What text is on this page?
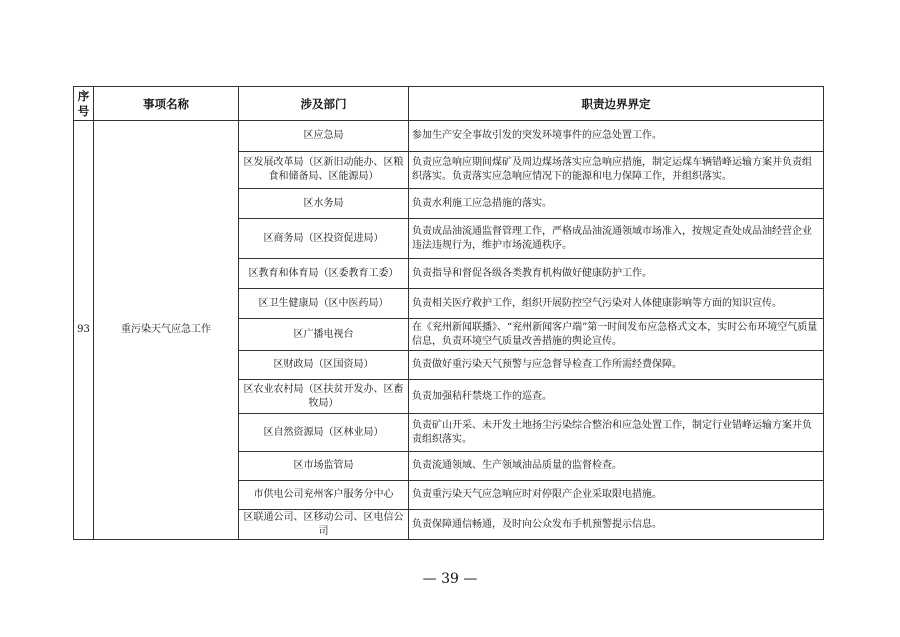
序号	事项名称	涉及部门	职责边界界定
93	重污染天气应急工作	区应急局	参加生产安全事故引发的突发环境事件的应急处置工作。
		区发展改革局（区新旧动能办、区粮食和储备局、区能源局）	负责应急响应期间煤矿及周边煤场落实应急响应措施，制定运煤车辆错峰运输方案并负责组织落实。负责落实应急响应情况下的能源和电力保障工作，并组织落实。
		区水务局	负责水利施工应急措施的落实。
		区商务局（区投资促进局）	负责成品油流通监督管理工作，严格成品油流通领域市场准入，按规定查处成品油经营企业违法违规行为，维护市场流通秩序。
		区教育和体育局（区委教育工委）	负责指导和督促各级各类教育机构做好健康防护工作。
		区卫生健康局（区中医药局）	负责相关医疗救护工作，组织开展防控空气污染对人体健康影响等方面的知识宣传。
		区广播电视台	在《兖州新闻联播》、“兖州新闻客户端”第一时间发布应急格式文本，实时公布环境空气质量信息，负责环境空气质量改善措施的舆论宣传。
		区财政局（区国资局）	负责做好重污染天气预警与应急督导检查工作所需经费保障。
		区农业农村局（区扶贫开发办、区畜牧局）	负责加强秸秆禁烧工作的巡查。
		区自然资源局（区林业局）	负责矿山开采、未开发土地扬尘污染综合整治和应急处置工作，制定行业错峰运输方案并负责组织落实。
		区市场监管局	负责流通领域、生产领域油品质量的监督检查。
		市供电公司兖州客户服务分中心	负责重污染天气应急响应时对停限产企业采取限电措施。
		区联通公司、区移动公司、区电信公司	负责保障通信畅通，及时向公众发布手机预警提示信息。
— 39 —
